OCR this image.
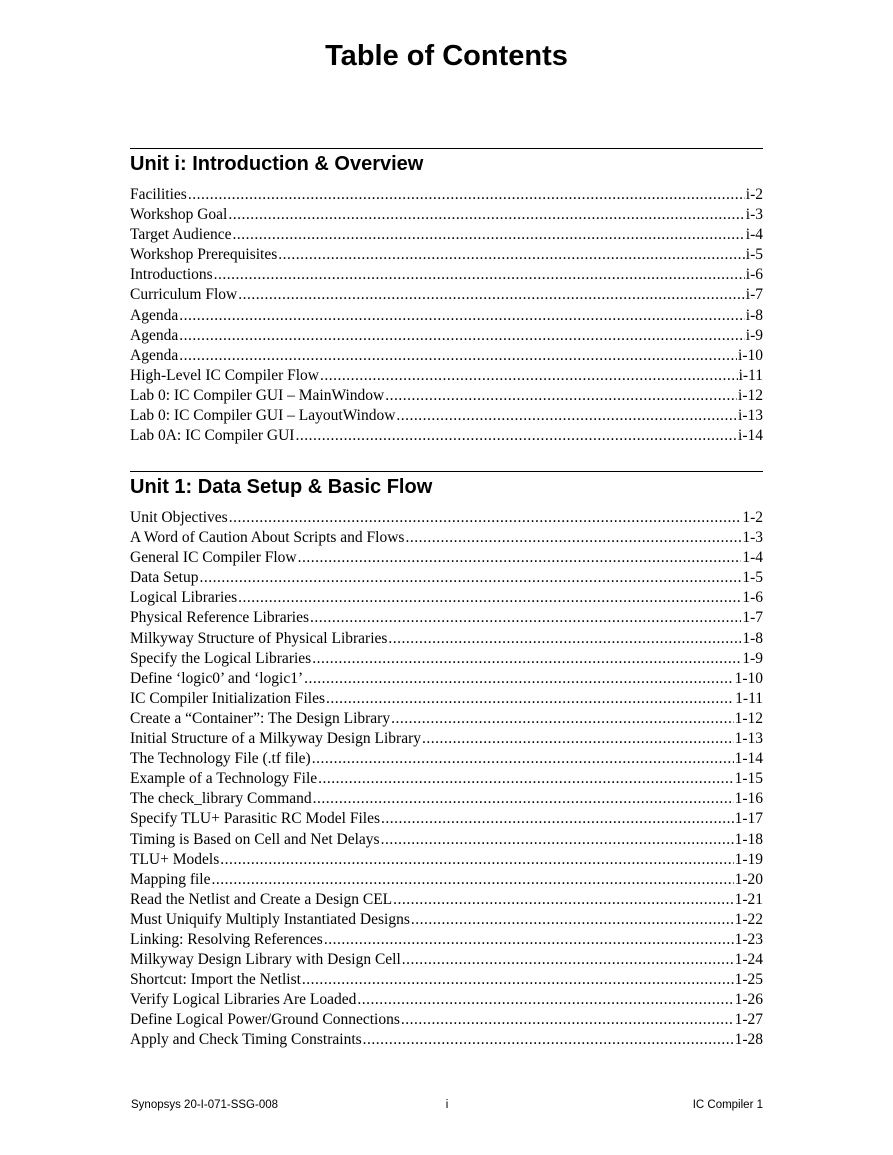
Table of Contents
Unit i: Introduction & Overview
Facilities .....	i-2
Workshop Goal .....	i-3
Target Audience .....	i-4
Workshop Prerequisites .....	i-5
Introductions .....	i-6
Curriculum Flow .....	i-7
Agenda .....	i-8
Agenda .....	i-9
Agenda .....	i-10
High-Level IC Compiler Flow .....	i-11
Lab 0: IC Compiler GUI – MainWindow .....	i-12
Lab 0: IC Compiler GUI – LayoutWindow .....	i-13
Lab 0A: IC Compiler GUI .....	i-14
Unit 1: Data Setup & Basic Flow
Unit Objectives .....	1-2
A Word of Caution About Scripts and Flows .....	1-3
General IC Compiler Flow .....	1-4
Data Setup .....	1-5
Logical Libraries .....	1-6
Physical Reference Libraries .....	1-7
Milkyway Structure of Physical Libraries .....	1-8
Specify the Logical Libraries .....	1-9
Define ‘logic0’ and ‘logic1’ .....	1-10
IC Compiler Initialization Files .....	1-11
Create a “Container”: The Design Library .....	1-12
Initial Structure of a Milkyway Design Library .....	1-13
The Technology File (.tf file) .....	1-14
Example of a Technology File .....	1-15
The check_library Command .....	1-16
Specify TLU+ Parasitic RC Model Files .....	1-17
Timing is Based on Cell and Net Delays .....	1-18
TLU+ Models .....	1-19
Mapping file .....	1-20
Read the Netlist and Create a Design CEL .....	1-21
Must Uniquify Multiply Instantiated Designs .....	1-22
Linking: Resolving References .....	1-23
Milkyway Design Library with Design Cell .....	1-24
Shortcut: Import the Netlist .....	1-25
Verify Logical Libraries Are Loaded .....	1-26
Define Logical Power/Ground Connections .....	1-27
Apply and Check Timing Constraints .....	1-28
Synopsys 20-I-071-SSG-008	i	IC Compiler 1
